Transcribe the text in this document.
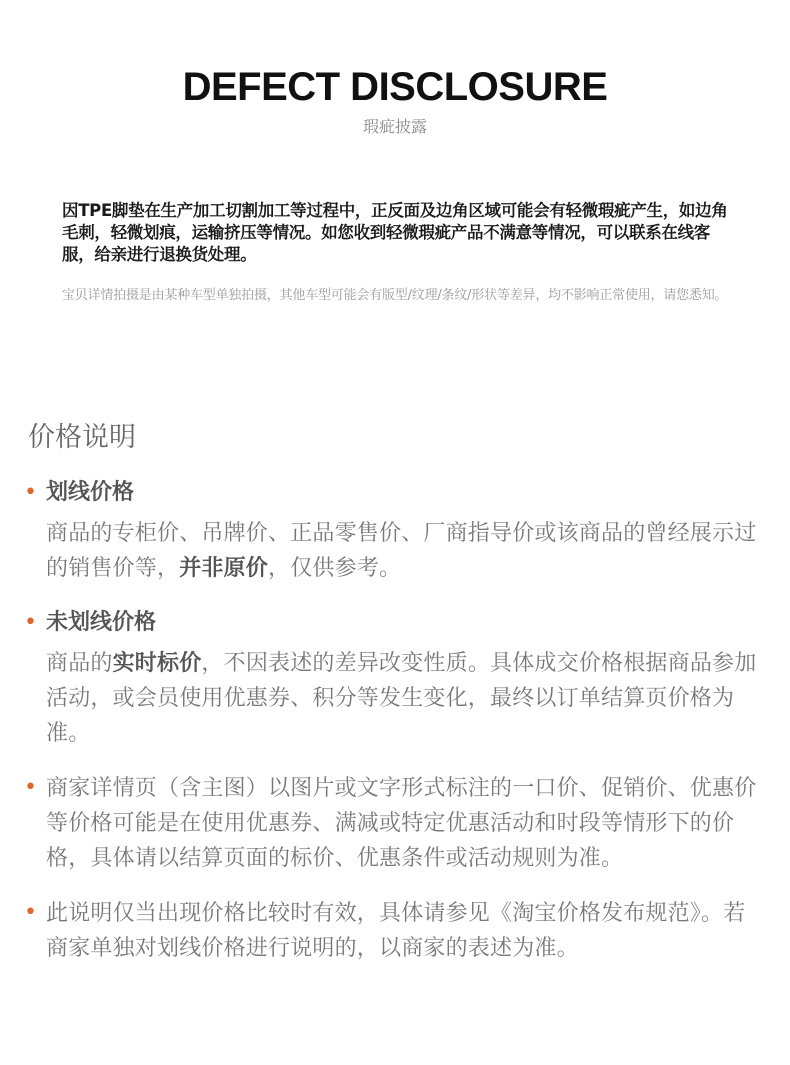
DEFECT DISCLOSURE
瑕疵披露
因TPE脚垫在生产加工切割加工等过程中，正反面及边角区域可能会有轻微瑕疵产生，如边角毛刺，轻微划痕，运输挤压等情况。如您收到轻微瑕疵产品不满意等情况，可以联系在线客服，给亲进行退换货处理。
宝贝详情拍摄是由某种车型单独拍摄，其他车型可能会有版型/纹理/条纹/形状等差异，均不影响正常使用，请您悉知。
价格说明
• 划线价格
商品的专柜价、吊牌价、正品零售价、厂商指导价或该商品的曾经展示过的销售价等，并非原价，仅供参考。
• 未划线价格
商品的实时标价，不因表述的差异改变性质。具体成交价格根据商品参加活动，或会员使用优惠券、积分等发生变化，最终以订单结算页价格为准。
• 商家详情页（含主图）以图片或文字形式标注的一口价、促销价、优惠价等价格可能是在使用优惠券、满减或特定优惠活动和时段等情形下的价格，具体请以结算页面的标价、优惠条件或活动规则为准。
• 此说明仅当出现价格比较时有效，具体请参见《淘宝价格发布规范》。若商家单独对划线价格进行说明的，以商家的表述为准。
